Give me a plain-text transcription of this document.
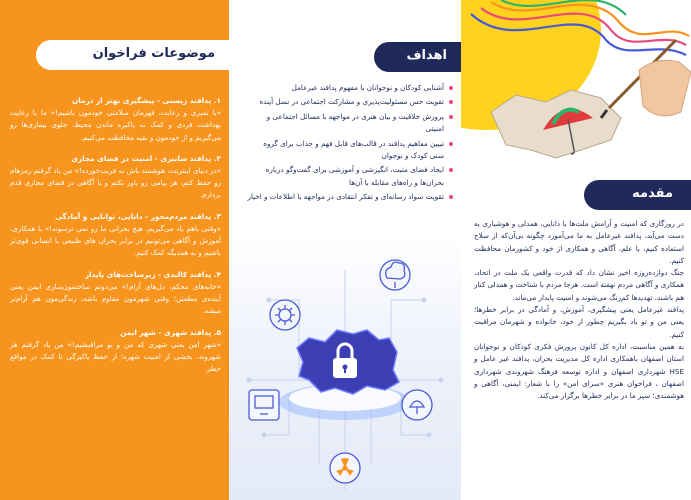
موضوعات فراخوان
۱. پدافند زیستی - پیشگیری بهتر از درمان
«با تمیزی و رعایت، قهرمان سلامتی خودمون باشیم!» ما با رعایت بهداشت فردی و کمک به پاکیزه ماندن محیط، جلوی بیماری‌ها رو می‌گیریم و از خودمون و بقیه محافظت می‌کنیم.
۲. پدافند سایبری - امنیت در فضای مجازی
«در دنیای اینترنت، هوشمند باش نه فریب‌خورده!» من یاد گرفتم رمزهام رو حفظ کنم، هر پیامی رو باور نکنم و با آگاهی در فضای مجازی قدم بردارم.
۳. پدافند مردم‌محور - دانایی، توانایی و آمادگی
«وقتی باهم یاد می‌گیریم، هیچ بحرانی ما رو نمی ترسونه!» با همکاری، آموزش و آگاهی می‌تونیم در برابر بحران های طبیعی یا انسانی قوی‌تر باشیم و به همدیگه کمک کنیم.
۴. پدافند کالبدی - زیرساخت‌های پایدار
«خانه‌های محکم، دل‌های آرام!» می‌دونم ساختمون‌سازی ایمن یعنی آینده‌ی مطمئن؛ وقتی شهرمون مقاوم باشه، زندگی‌مون هم آرام‌تر میشه.
۵. پدافند شهری - شهر ایمن
«شهر امن یعنی شهری که من و تو مراقبشیم!» من یاد گرفتم هر شهروند، بخشی از امنیت شهره؛ از حفظ پاکیزگی تا کمک در مواقع خطر.
اهداف
آشنایی کودکان و نوجوانان با مفهوم پدافند غیرعامل
تقویت حس مسئولیت‌پذیری و مشارکت اجتماعی در نسل آینده
پرورش خلاقیت و بیان هنری در مواجهه با مسائل اجتماعی و امنیتی
تبیین مفاهیم پدافند در قالب‌های قابل فهم و جذاب برای گروه سنی کودک و نوجوان
ایجاد فضای مثبت، انگیزشی و آموزشی برای گفت‌وگو درباره بحران‌ها و راه‌های مقابله با آن‌ها
تقویت سواد رسانه‌ای و تفکر انتقادی در مواجهه با اطلاعات و اخبار	مقدمه

در روزگاری که امنیت و آرامش ملت‌ها با دانایی، همدلی و هوشیاری به دست می‌آید، پدافند غیرعامل به ما می‌آموزد چگونه بی‌آن‌که از سلاح استفاده کنیم، با علم، آگاهی و همکاری از خود و کشورمان محافظت کنیم.

جنگ دوازده‌روزه اخیر نشان داد که قدرت واقعی یک ملت در اتحاد، همکاری و آگاهی مردم نهفته است. هرجا مردم با شناخت و همدلی کنار هم باشند، تهدیدها کم‌رنگ می‌شوند و امنیت پایدار می‌ماند.

پدافند غیرعامل یعنی پیشگیری، آموزش، و آمادگی در برابر خطرها؛ یعنی من و تو یاد بگیریم چطور از خود، خانواده و شهرمان مراقبت کنیم.

به همین مناسبت، اداره کل کانون پرورش فکری کودکان و نوجوانان استان اصفهان باهمکاری اداره کل مدیریت بحران، پدافند غیر عامل و HSE شهرداری اصفهان و اداره توسعه فرهنگ شهروندی شهرداری اصفهان ، فراخوان هنری «سرای امن» را با شعار: ایمنی، آگاهی و هوشمندی؛ سپر ما در برابر خطرها برگزار می‌کند.
